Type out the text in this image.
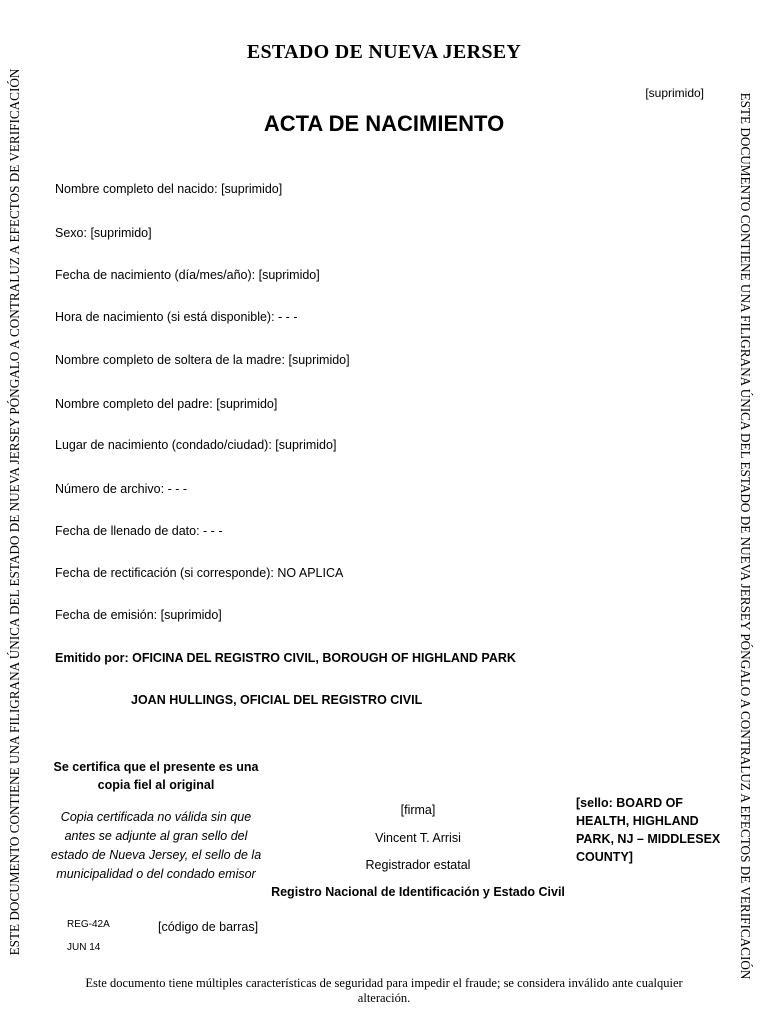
ESTADO DE NUEVA JERSEY
[suprimido]
ACTA DE NACIMIENTO
ESTE DOCUMENTO CONTIENE UNA FILIGRANA ÚNICA DEL ESTADO DE NUEVA JERSEY PÓNGALO A CONTRALUZ A EFECTOS DE VERIFICACIÓN	ESTE DOCUMENTO CONTIENE UNA FILIGRANA ÚNICA DEL ESTADO DE NUEVA JERSEY PÓNGALO A CONTRALUZ A EFECTOS DE VERIFICACIÓN
Nombre completo del nacido: [suprimido]
Sexo: [suprimido]
Fecha de nacimiento (día/mes/año): [suprimido]
Hora de nacimiento (si está disponible): - - -
Nombre completo de soltera de la madre: [suprimido]
Nombre completo del padre: [suprimido]
Lugar de nacimiento (condado/ciudad): [suprimido]
Número de archivo: - - -
Fecha de llenado de dato: - - -
Fecha de rectificación (si corresponde): NO APLICA
Fecha de emisión: [suprimido]
Emitido por: OFICINA DEL REGISTRO CIVIL, BOROUGH OF HIGHLAND PARK
JOAN HULLINGS, OFICIAL DEL REGISTRO CIVIL
Se certifica que el presente es una copia fiel al original
Copia certificada no válida sin que antes se adjunte al gran sello del estado de Nueva Jersey, el sello de la municipalidad o del condado emisor
[firma]
Vincent T. Arrisi
Registrador estatal
Registro Nacional de Identificación y Estado Civil
[sello: BOARD OF HEALTH, HIGHLAND PARK, NJ – MIDDLESEX COUNTY]
REG-42A
JUN 14
[código de barras]
Este documento tiene múltiples características de seguridad para impedir el fraude; se considera inválido ante cualquier alteración.
